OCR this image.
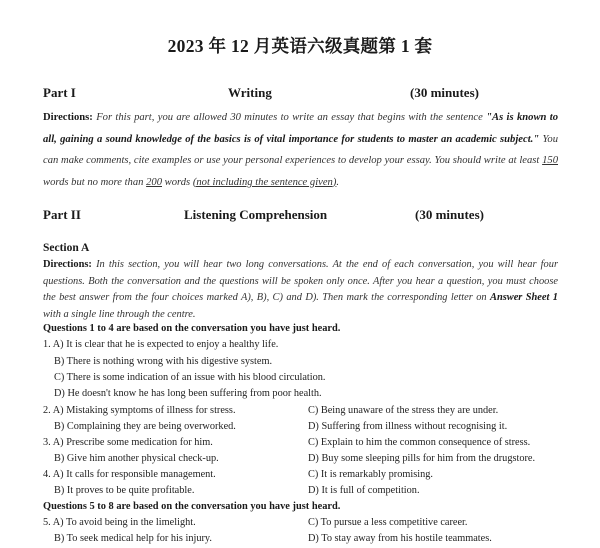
2023 年 12 月英语六级真题第 1 套
Part I	Writing	(30 minutes)
Directions: For this part, you are allowed 30 minutes to write an essay that begins with the sentence "As is known to all, gaining a sound knowledge of the basics is of vital importance for students to master an academic subject." You can make comments, cite examples or use your personal experiences to develop your essay. You should write at least 150 words but no more than 200 words (not including the sentence given).
Part II	Listening Comprehension	(30 minutes)
Section A
Directions: In this section, you will hear two long conversations. At the end of each conversation, you will hear four questions. Both the conversation and the questions will be spoken only once. After you hear a question, you must choose the best answer from the four choices marked A), B), C) and D). Then mark the corresponding letter on Answer Sheet 1 with a single line through the centre.
Questions 1 to 4 are based on the conversation you have just heard.
1. A) It is clear that he is expected to enjoy a healthy life.
B) There is nothing wrong with his digestive system.
C) There is some indication of an issue with his blood circulation.
D) He doesn't know he has long been suffering from poor health.
2. A) Mistaking symptoms of illness for stress.	C) Being unaware of the stress they are under.
B) Complaining they are being overworked.	D) Suffering from illness without recognising it.
3. A) Prescribe some medication for him.	C) Explain to him the common consequence of stress.
B) Give him another physical check-up.	D) Buy some sleeping pills for him from the drugstore.
4. A) It calls for responsible management.	C) It is remarkably promising.
B) It proves to be quite profitable.	D) It is full of competition.
Questions 5 to 8 are based on the conversation you have just heard.
5. A) To avoid being in the limelight.	C) To pursue a less competitive career.
B) To seek medical help for his injury.	D) To stay away from his hostile teammates.
